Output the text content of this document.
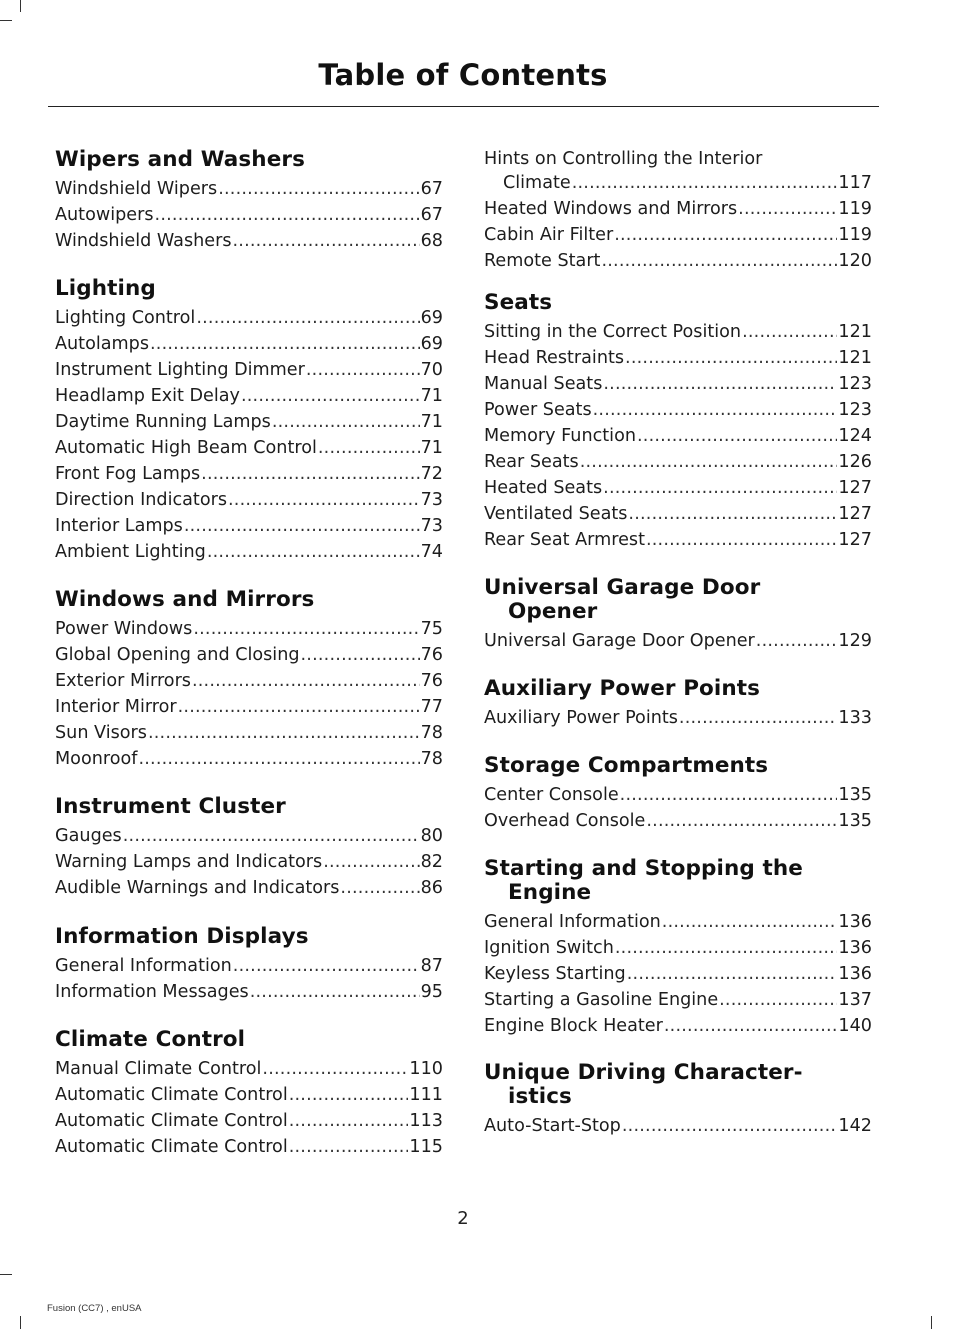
Table of Contents
Wipers and Washers
Windshield Wipers .....	67
Autowipers .....	67
Windshield Washers .....	68
Lighting
Lighting Control .....	69
Autolamps .....	69
Instrument Lighting Dimmer .....	70
Headlamp Exit Delay .....	71
Daytime Running Lamps .....	71
Automatic High Beam Control .....	71
Front Fog Lamps .....	72
Direction Indicators .....	73
Interior Lamps .....	73
Ambient Lighting .....	74
Windows and Mirrors
Power Windows .....	75
Global Opening and Closing .....	76
Exterior Mirrors .....	76
Interior Mirror .....	77
Sun Visors .....	78
Moonroof .....	78
Instrument Cluster
Gauges .....	80
Warning Lamps and Indicators .....	82
Audible Warnings and Indicators .....	86
Information Displays
General Information .....	87
Information Messages .....	95
Climate Control
Manual Climate Control .....	110
Automatic Climate Control .....	111
Automatic Climate Control .....	113
Automatic Climate Control .....	115
Hints on Controlling the Interior
Climate .....	117
Heated Windows and Mirrors .....	119
Cabin Air Filter .....	119
Remote Start .....	120
Seats
Sitting in the Correct Position .....	121
Head Restraints .....	121
Manual Seats .....	123
Power Seats .....	123
Memory Function .....	124
Rear Seats .....	126
Heated Seats .....	127
Ventilated Seats .....	127
Rear Seat Armrest .....	127
Universal Garage Door
Opener
Universal Garage Door Opener .....	129
Auxiliary Power Points
Auxiliary Power Points .....	133
Storage Compartments
Center Console .....	135
Overhead Console .....	135
Starting and Stopping the
Engine
General Information .....	136
Ignition Switch .....	136
Keyless Starting .....	136
Starting a Gasoline Engine .....	137
Engine Block Heater .....	140
Unique Driving Character-
istics
Auto-Start-Stop .....	142
2
Fusion (CC7) , enUSA
